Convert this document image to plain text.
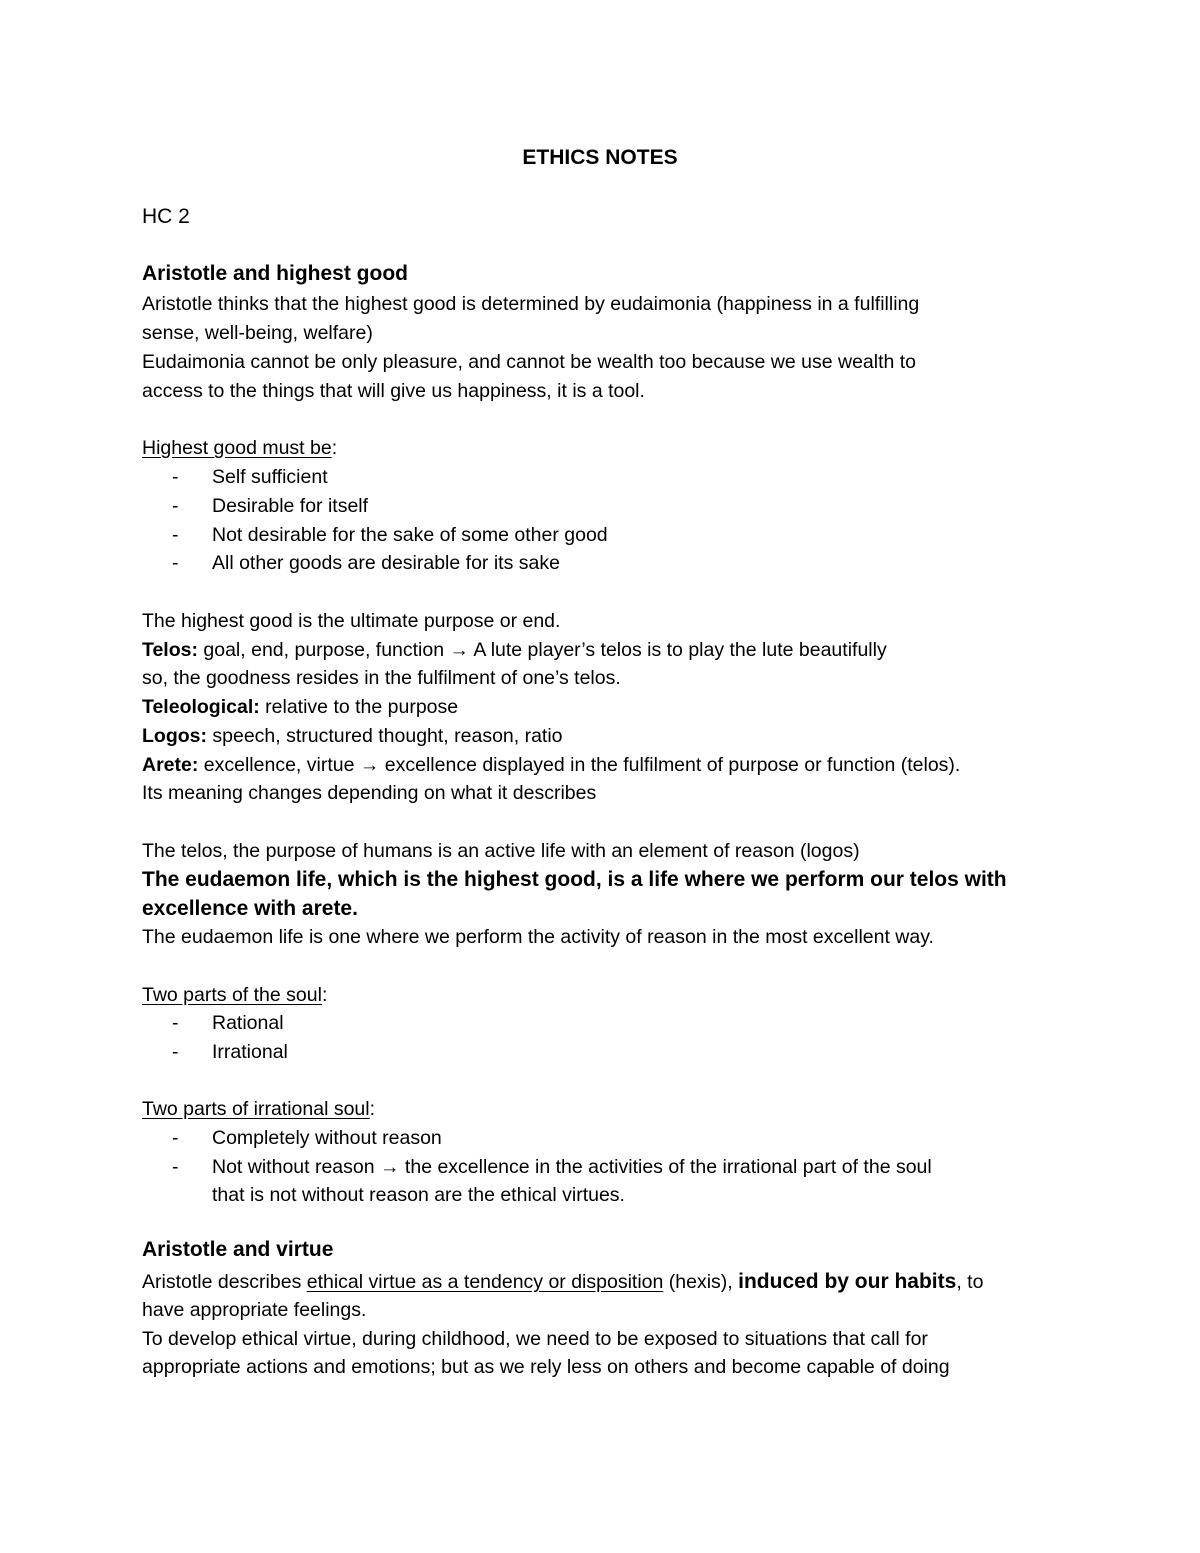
ETHICS NOTES
HC 2
Aristotle and highest good
Aristotle thinks that the highest good is determined by eudaimonia (happiness in a fulfilling
sense, well-being, welfare)
Eudaimonia cannot be only pleasure, and cannot be wealth too because we use wealth to
access to the things that will give us happiness, it is a tool.
Highest good must be:
- Self sufficient
- Desirable for itself
- Not desirable for the sake of some other good
- All other goods are desirable for its sake
The highest good is the ultimate purpose or end.
Telos: goal, end, purpose, function → A lute player’s telos is to play the lute beautifully
so, the goodness resides in the fulfilment of one’s telos.
Teleological: relative to the purpose
Logos: speech, structured thought, reason, ratio
Arete: excellence, virtue → excellence displayed in the fulfilment of purpose or function (telos).
Its meaning changes depending on what it describes
The telos, the purpose of humans is an active life with an element of reason (logos)
The eudaemon life, which is the highest good, is a life where we perform our telos with
excellence with arete.
The eudaemon life is one where we perform the activity of reason in the most excellent way.
Two parts of the soul:
- Rational
- Irrational
Two parts of irrational soul:
- Completely without reason
- Not without reason → the excellence in the activities of the irrational part of the soul
that is not without reason are the ethical virtues.
Aristotle and virtue
Aristotle describes ethical virtue as a tendency or disposition (hexis), induced by our habits, to
have appropriate feelings.
To develop ethical virtue, during childhood, we need to be exposed to situations that call for
appropriate actions and emotions; but as we rely less on others and become capable of doing
